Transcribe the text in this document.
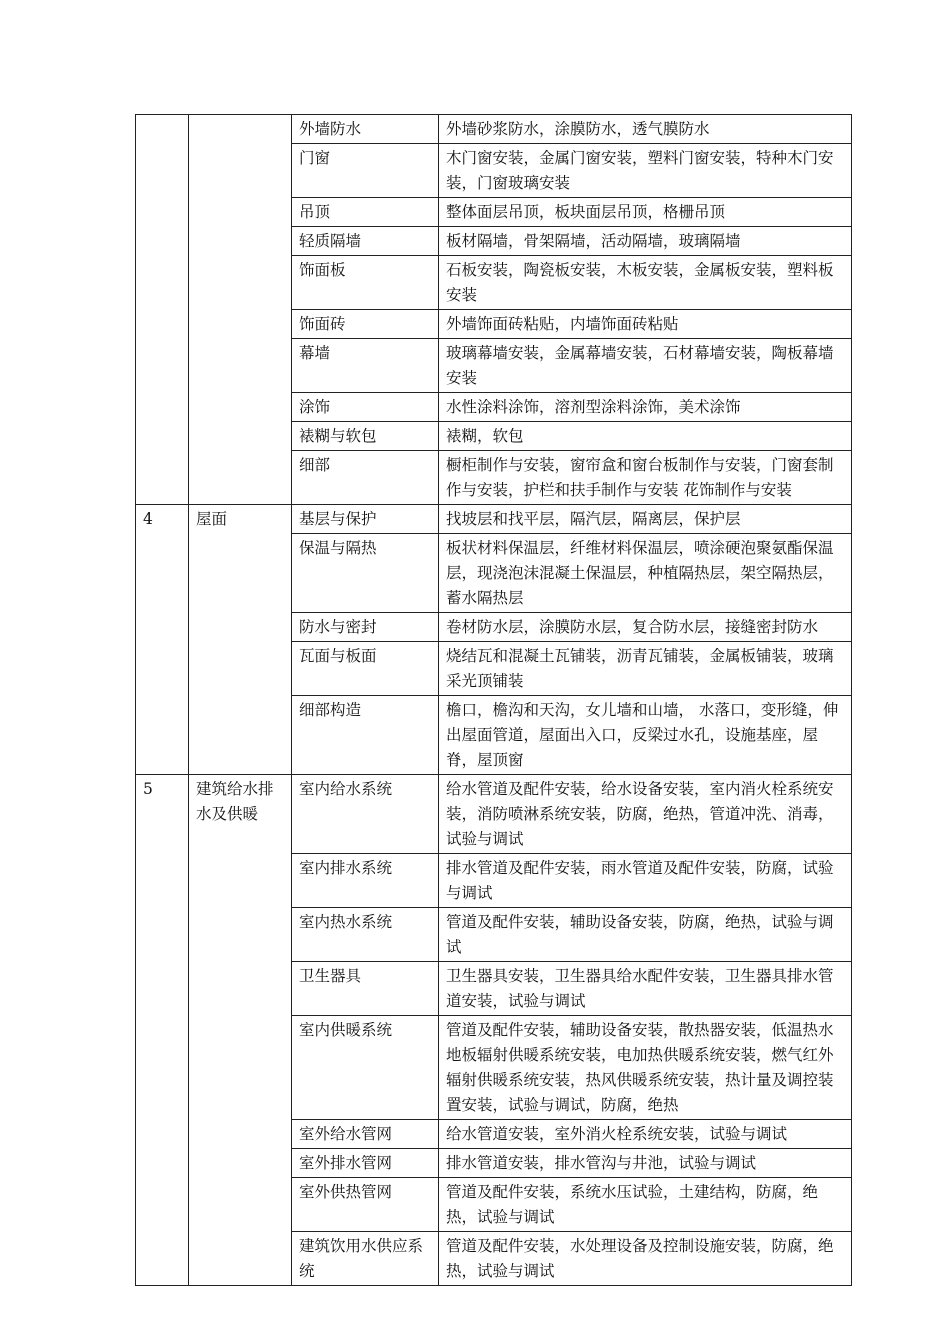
		外墙防水	外墙砂浆防水，涂膜防水，透气膜防水
		门窗	木门窗安装，金属门窗安装，塑料门窗安装，特种木门安装，门窗玻璃安装
		吊顶	整体面层吊顶，板块面层吊顶，格栅吊顶
		轻质隔墙	板材隔墙，骨架隔墙，活动隔墙，玻璃隔墙
		饰面板	石板安装，陶瓷板安装，木板安装，金属板安装，塑料板安装
		饰面砖	外墙饰面砖粘贴，内墙饰面砖粘贴
		幕墙	玻璃幕墙安装，金属幕墙安装，石材幕墙安装，陶板幕墙安装
		涂饰	水性涂料涂饰，溶剂型涂料涂饰，美术涂饰
		裱糊与软包	裱糊，软包
		细部	橱柜制作与安装，窗帘盒和窗台板制作与安装，门窗套制作与安装，护栏和扶手制作与安装 花饰制作与安装
4	屋面	基层与保护	找坡层和找平层，隔汽层，隔离层，保护层
		保温与隔热	板状材料保温层，纤维材料保温层，喷涂硬泡聚氨酯保温层，现浇泡沫混凝土保温层，种植隔热层，架空隔热层，蓄水隔热层
		防水与密封	卷材防水层，涂膜防水层，复合防水层，接缝密封防水
		瓦面与板面	烧结瓦和混凝土瓦铺装，沥青瓦铺装，金属板铺装，玻璃采光顶铺装
		细部构造	檐口，檐沟和天沟，女儿墙和山墙， 水落口，变形缝，伸出屋面管道，屋面出入口，反梁过水孔，设施基座，屋脊，屋顶窗
5	建筑给水排水及供暖	室内给水系统	给水管道及配件安装，给水设备安装，室内消火栓系统安装，消防喷淋系统安装，防腐，绝热，管道冲洗、消毒，试验与调试
		室内排水系统	排水管道及配件安装，雨水管道及配件安装，防腐，试验与调试
		室内热水系统	管道及配件安装，辅助设备安装，防腐，绝热，试验与调试
		卫生器具	卫生器具安装，卫生器具给水配件安装，卫生器具排水管道安装，试验与调试
		室内供暖系统	管道及配件安装，辅助设备安装，散热器安装，低温热水地板辐射供暖系统安装，电加热供暖系统安装，燃气红外辐射供暖系统安装，热风供暖系统安装，热计量及调控装置安装，试验与调试，防腐，绝热
		室外给水管网	给水管道安装，室外消火栓系统安装，试验与调试
		室外排水管网	排水管道安装，排水管沟与井池，试验与调试
		室外供热管网	管道及配件安装，系统水压试验，土建结构，防腐，绝热，试验与调试
		建筑饮用水供应系统	管道及配件安装，水处理设备及控制设施安装，防腐，绝热，试验与调试
